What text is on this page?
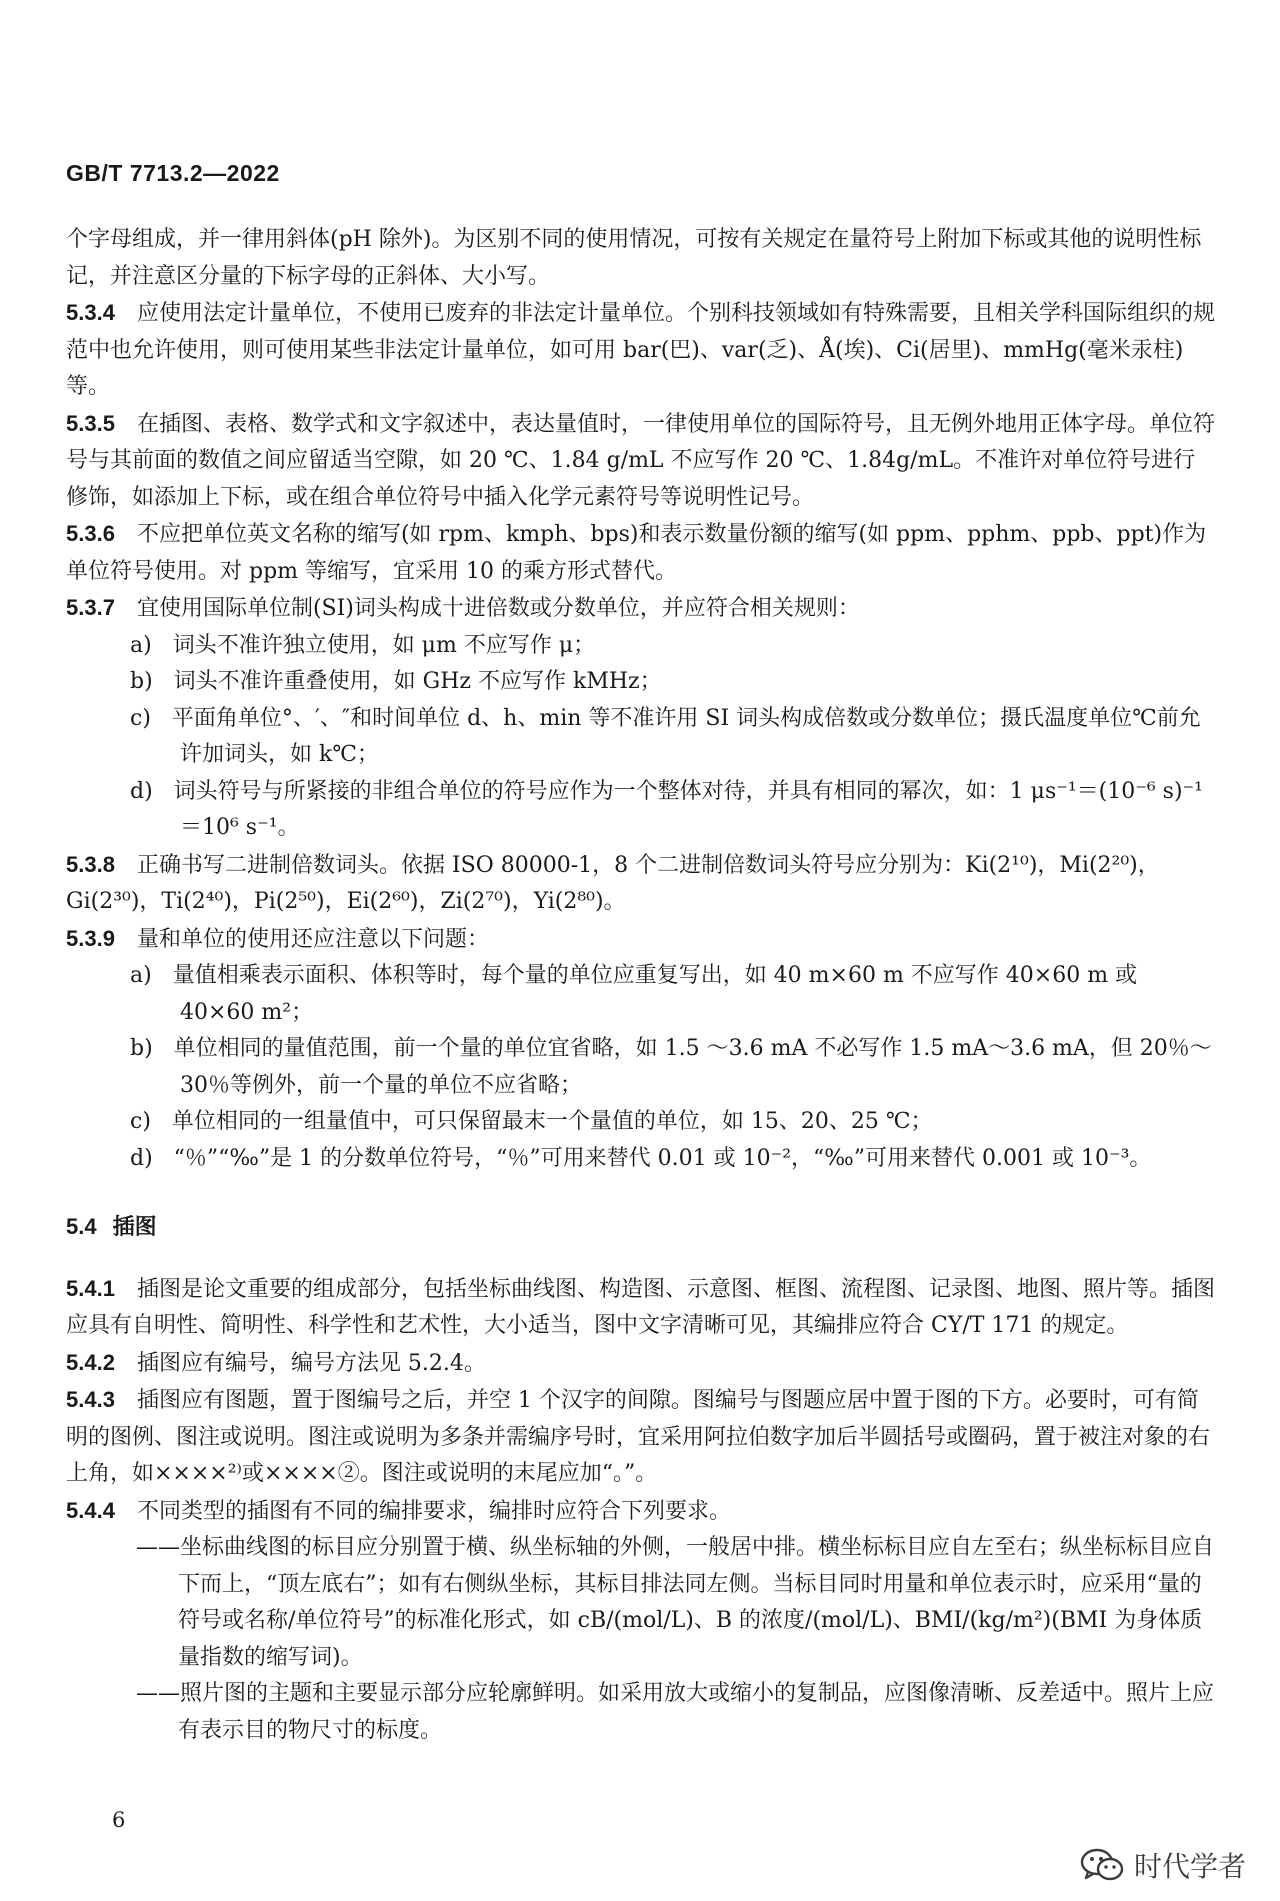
GB/T 7713.2—2022

个字母组成，并一律用斜体(pH 除外)。为区别不同的使用情况，可按有关规定在量符号上附加下标或其他的说明性标记，并注意区分量的下标字母的正斜体、大小写。

5.3.4 应使用法定计量单位，不使用已废弃的非法定计量单位。个别科技领域如有特殊需要，且相关学科国际组织的规范中也允许使用，则可使用某些非法定计量单位，如可用 bar(巴)、var(乏)、Å(埃)、Ci(居里)、mmHg(毫米汞柱)等。

5.3.5 在插图、表格、数学式和文字叙述中，表达量值时，一律使用单位的国际符号，且无例外地用正体字母。单位符号与其前面的数值之间应留适当空隙，如 20 ℃、1.84 g/mL 不应写作 20 ℃、1.84g/mL。不准许对单位符号进行修饰，如添加上下标，或在组合单位符号中插入化学元素符号等说明性记号。

5.3.6 不应把单位英文名称的缩写(如 rpm、kmph、bps)和表示数量份额的缩写(如 ppm、pphm、ppb、ppt)作为单位符号使用。对 ppm 等缩写，宜采用 10 的乘方形式替代。

5.3.7 宜使用国际单位制(SI)词头构成十进倍数或分数单位，并应符合相关规则：

a) 词头不准许独立使用，如 μm 不应写作 μ；

b) 词头不准许重叠使用，如 GHz 不应写作 kMHz；

c) 平面角单位°、′、″和时间单位 d、h、min 等不准许用 SI 词头构成倍数或分数单位；摄氏温度单位℃前允许加词头，如 k℃；

d) 词头符号与所紧接的非组合单位的符号应作为一个整体对待，并具有相同的幂次，如：1 μs⁻¹＝(10⁻⁶ s)⁻¹＝10⁶ s⁻¹。

5.3.8 正确书写二进制倍数词头。依据 ISO 80000-1，8 个二进制倍数词头符号应分别为：Ki(2¹⁰)，Mi(2²⁰)，Gi(2³⁰)，Ti(2⁴⁰)，Pi(2⁵⁰)，Ei(2⁶⁰)，Zi(2⁷⁰)，Yi(2⁸⁰)。

5.3.9 量和单位的使用还应注意以下问题：

a) 量值相乘表示面积、体积等时，每个量的单位应重复写出，如 40 m×60 m 不应写作 40×60 m 或 40×60 m²；

b) 单位相同的量值范围，前一个量的单位宜省略，如 1.5 ～3.6 mA 不必写作 1.5 mA～3.6 mA，但 20％～30％等例外，前一个量的单位不应省略；

c) 单位相同的一组量值中，可只保留最末一个量值的单位，如 15、20、25 ℃；

d) “％”“‰”是 1 的分数单位符号，“％”可用来替代 0.01 或 10⁻²，“‰”可用来替代 0.001 或 10⁻³。

5.4 插图

5.4.1 插图是论文重要的组成部分，包括坐标曲线图、构造图、示意图、框图、流程图、记录图、地图、照片等。插图应具有自明性、简明性、科学性和艺术性，大小适当，图中文字清晰可见，其编排应符合 CY/T 171 的规定。

5.4.2 插图应有编号，编号方法见 5.2.4。

5.4.3 插图应有图题，置于图编号之后，并空 1 个汉字的间隙。图编号与图题应居中置于图的下方。必要时，可有简明的图例、图注或说明。图注或说明为多条并需编序号时，宜采用阿拉伯数字加后半圆括号或圈码，置于被注对象的右上角，如××××²⁾或××××②。图注或说明的末尾应加“。”。

5.4.4 不同类型的插图有不同的编排要求，编排时应符合下列要求。

——坐标曲线图的标目应分别置于横、纵坐标轴的外侧，一般居中排。横坐标标目应自左至右；纵坐标标目应自下而上，“顶左底右”；如有右侧纵坐标，其标目排法同左侧。当标目同时用量和单位表示时，应采用“量的符号或名称/单位符号”的标准化形式，如 cB/(mol/L)、B 的浓度/(mol/L)、BMI/(kg/m²)(BMI 为身体质量指数的缩写词)。

——照片图的主题和主要显示部分应轮廓鲜明。如采用放大或缩小的复制品，应图像清晰、反差适中。照片上应有表示目的物尺寸的标度。

6
时代学者
